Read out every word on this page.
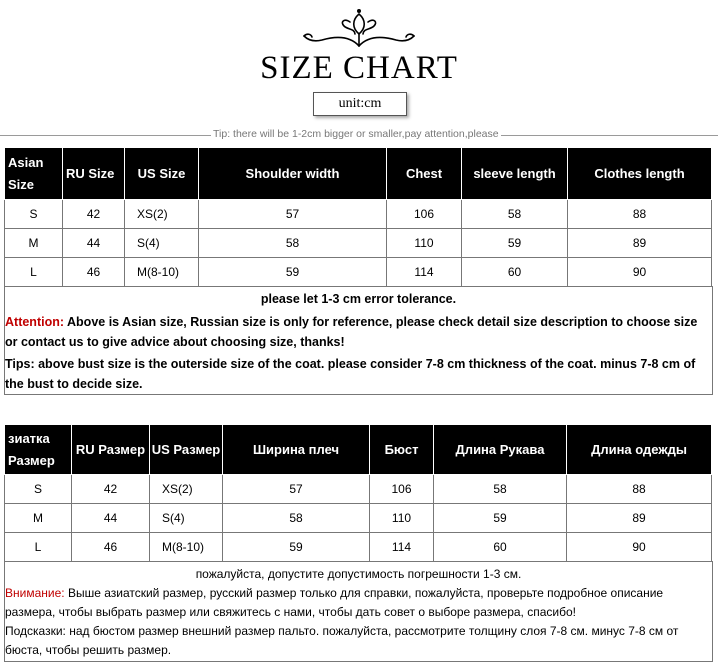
SIZE CHART
unit:cm
Tip: there will be 1-2cm bigger or smaller,pay attention,please
Asian Size	RU Size	US Size	Shoulder width	Chest	sleeve length	Clothes length
S	42	XS(2)	57	106	58	88
M	44	S(4)	58	110	59	89
L	46	M(8-10)	59	114	60	90

please let 1-3 cm error tolerance.

Attention: Above is Asian size, Russian size is only for reference, please check detail size description to choose size or contact us to give advice about choosing size, thanks!

Tips: above bust size is the outerside size of the coat. please consider 7-8 cm thickness of the coat. minus 7-8 cm of the bust to decide size.

зиатка Размер	RU Размер	US Размер	Ширина плеч	Бюст	Длина Рукава	Длина одежды
S	42	XS(2)	57	106	58	88
M	44	S(4)	58	110	59	89
L	46	M(8-10)	59	114	60	90

пожалуйста, допустите допустимость погрешности 1-3 см.

Внимание: Выше азиатский размер, русский размер только для справки, пожалуйста, проверьте подробное описание размера, чтобы выбрать размер или свяжитесь с нами, чтобы дать совет о выборе размера, спасибо!

Подсказки: над бюстом размер внешний размер пальто. пожалуйста, рассмотрите толщину слоя 7-8 см. минус 7-8 см от бюста, чтобы решить размер.
